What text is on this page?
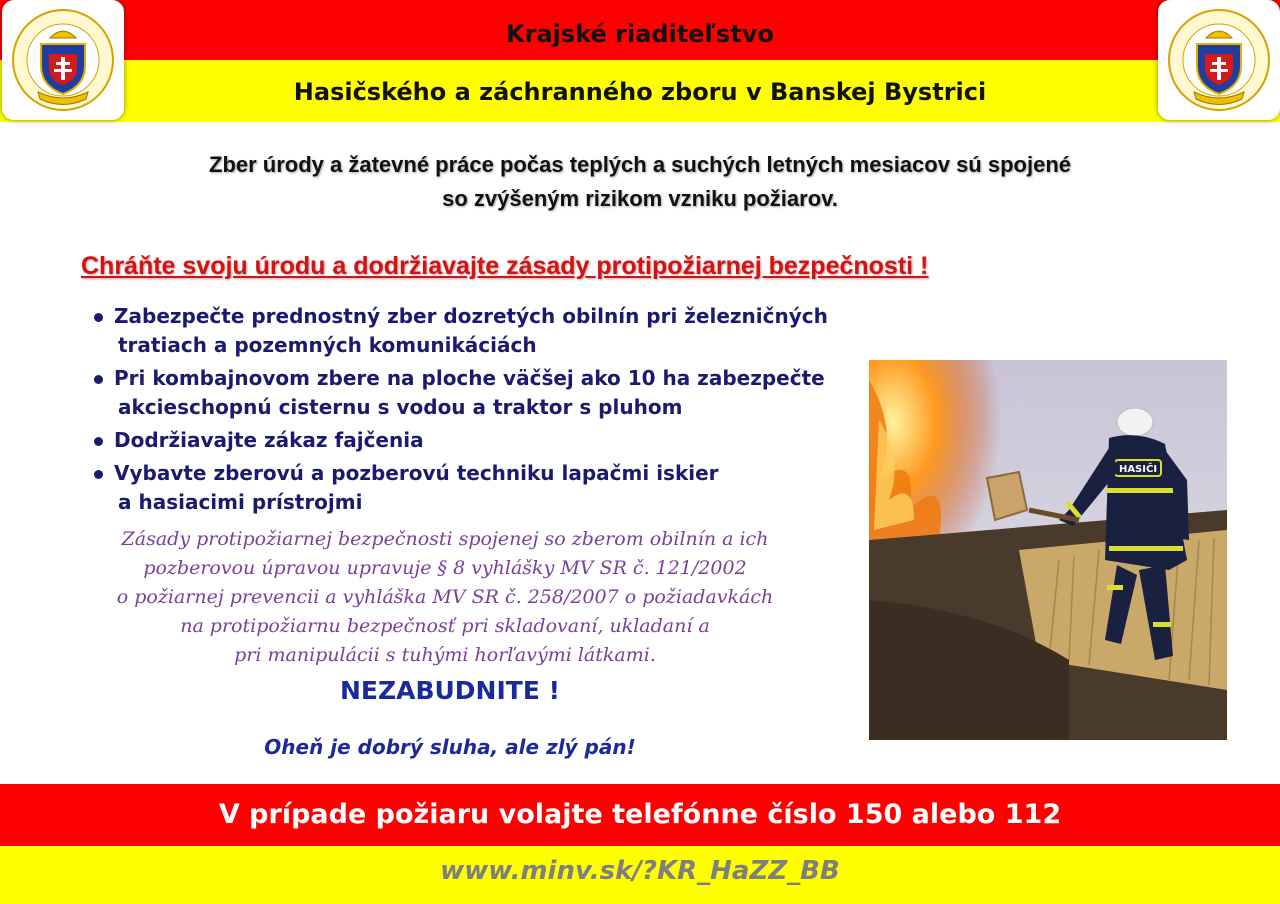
Krajské riaditeľstvo
Hasičského a záchranného zboru v Banskej Bystrici
Zber úrody a žatevné práce počas teplých a suchých letných mesiacov sú spojené
so zvýšeným rizikom vzniku požiarov.
Chráňte svoju úrodu a dodržiavajte zásady protipožiarnej bezpečnosti !
Zabezpečte prednostný zber dozretých obilnín pri železničných
tratiach a pozemných komunikáciách
Pri kombajnovom zbere na ploche väčšej ako 10 ha zabezpečte
akcieschopnú cisternu s vodou a traktor s pluhom
Dodržiavajte zákaz fajčenia
Vybavte zberovú a pozberovú techniku lapačmi iskier
a hasiacimi prístrojmi
Zásady protipožiarnej bezpečnosti spojenej so zberom obilnín a ich
pozberovou úpravou upravuje § 8 vyhlášky MV SR č. 121/2002
o požiarnej prevencii a vyhláška MV SR č. 258/2007 o požiadavkách
na protipožiarnu bezpečnosť pri skladovaní, ukladaní a
pri manipulácii s tuhými horľavými látkami.
NEZABUDNITE !
Oheň je dobrý sluha, ale zlý pán!
HASIČI
V prípade požiaru volajte telefónne číslo 150 alebo 112
www.minv.sk/?KR_HaZZ_BB
